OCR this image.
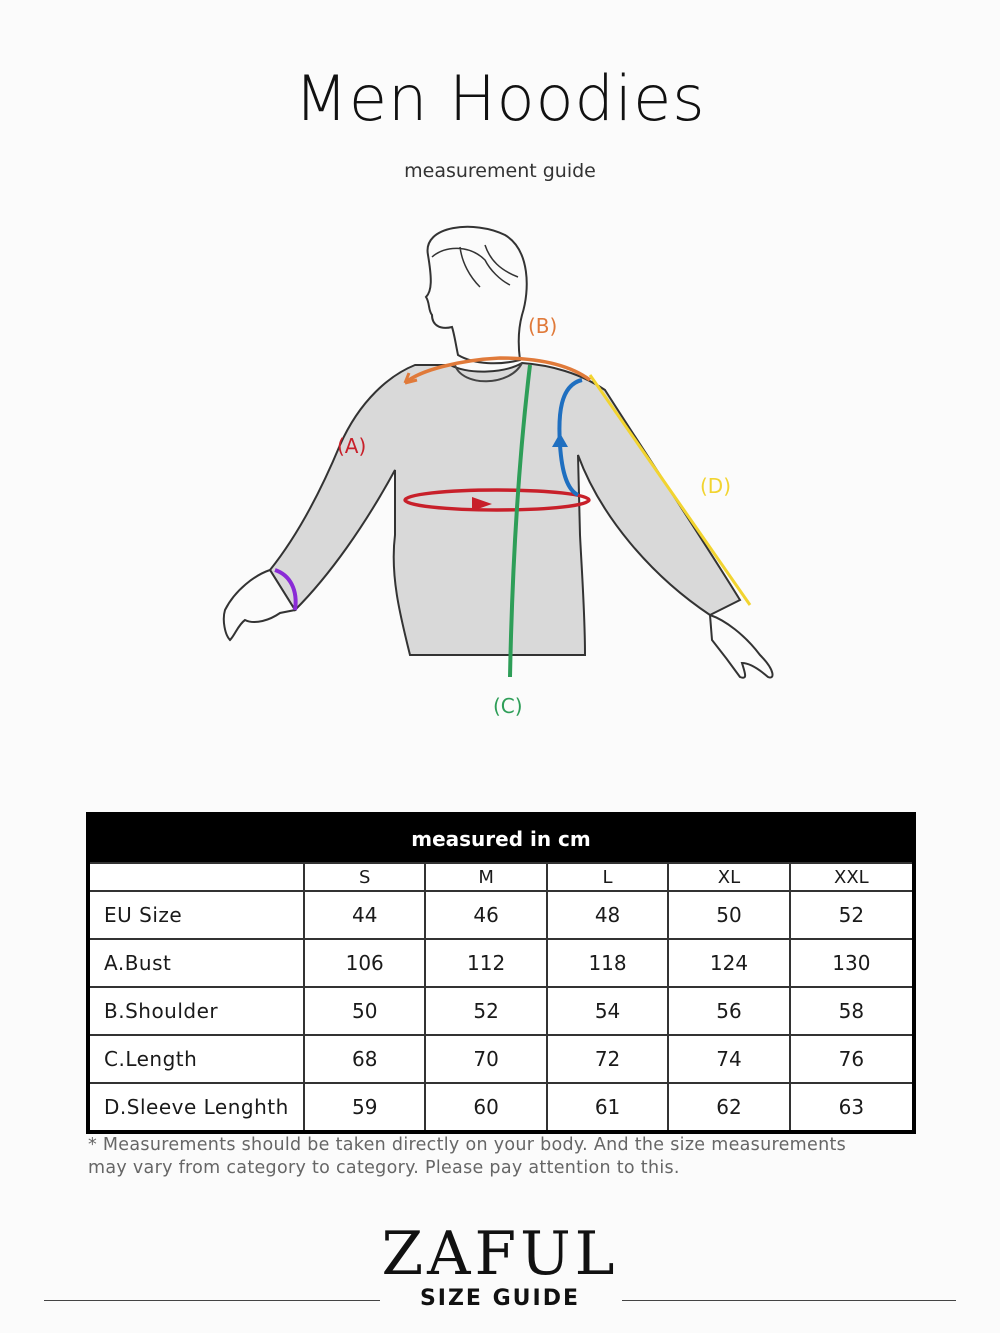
Men Hoodies
measurement guide
(B)
(A)
(C)
(D)
measured in cm					
	S	M	L	XL	XXL
EU Size	44	46	48	50	52
A.Bust	106	112	118	124	130
B.Shoulder	50	52	54	56	58
C.Length	68	70	72	74	76
D.Sleeve Lenghth	59	60	61	62	63
* Measurements should be taken directly on your body. And the size measurements
may vary from category to category. Please pay attention to this.
ZAFUL
SIZE GUIDE
